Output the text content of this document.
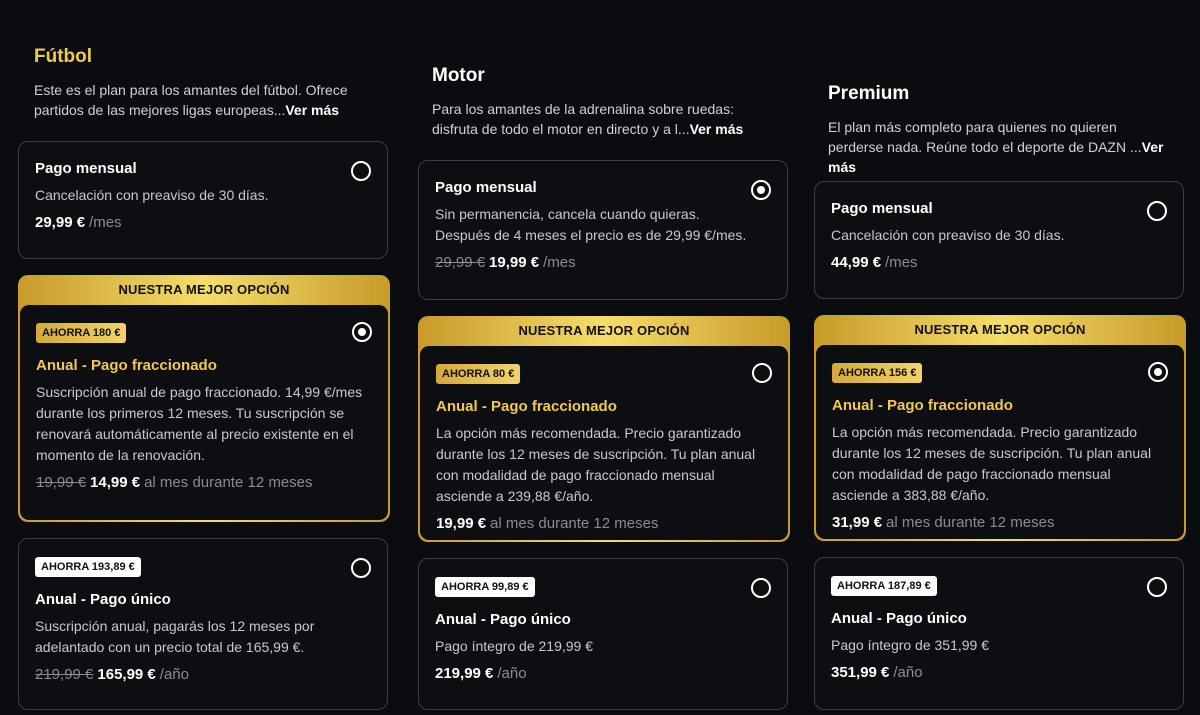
Fútbol
Este es el plan para los amantes del fútbol. Ofrece partidos de las mejores ligas europeas...Ver más
Pago mensual
Cancelación con preaviso de 30 días.
29,99 € /mes
NUESTRA MEJOR OPCIÓN
AHORRA 180 €
Anual - Pago fraccionado
Suscripción anual de pago fraccionado. 14,99 €/mes durante los primeros 12 meses. Tu suscripción se renovará automáticamente al precio existente en el momento de la renovación.
19,99 € 14,99 € al mes durante 12 meses
AHORRA 193,89 €
Anual - Pago único
Suscripción anual, pagarás los 12 meses por adelantado con un precio total de 165,99 €.
219,99 € 165,99 € /año
Motor
Para los amantes de la adrenalina sobre ruedas: disfruta de todo el motor en directo y a l...Ver más
Pago mensual
Sin permanencia, cancela cuando quieras. Después de 4 meses el precio es de 29,99 €/mes.
29,99 € 19,99 € /mes
NUESTRA MEJOR OPCIÓN
AHORRA 80 €
Anual - Pago fraccionado
La opción más recomendada. Precio garantizado durante los 12 meses de suscripción. Tu plan anual con modalidad de pago fraccionado mensual asciende a 239,88 €/año.
19,99 € al mes durante 12 meses
AHORRA 99,89 €
Anual - Pago único
Pago íntegro de 219,99 €
219,99 € /año
Premium
El plan más completo para quienes no quieren perderse nada. Reúne todo el deporte de DAZN ...Ver más
Pago mensual
Cancelación con preaviso de 30 días.
44,99 € /mes
NUESTRA MEJOR OPCIÓN
AHORRA 156 €
Anual - Pago fraccionado
La opción más recomendada. Precio garantizado durante los 12 meses de suscripción. Tu plan anual con modalidad de pago fraccionado mensual asciende a 383,88 €/año.
31,99 € al mes durante 12 meses
AHORRA 187,89 €
Anual - Pago único
Pago íntegro de 351,99 €
351,99 € /año
